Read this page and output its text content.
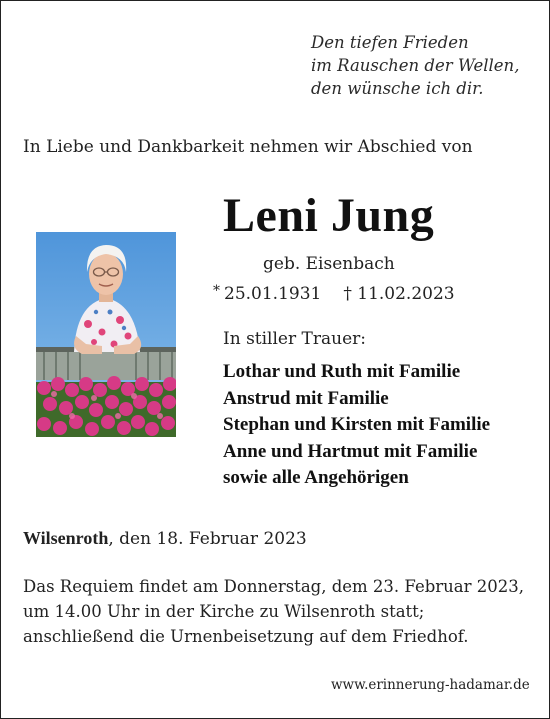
Den tiefen Frieden
im Rauschen der Wellen,
den wünsche ich dir.
In Liebe und Dankbarkeit nehmen wir Abschied von
Leni Jung
geb. Eisenbach
* 25.01.1931 † 11.02.2023
In stiller Trauer:
Lothar und Ruth mit Familie
Anstrud mit Familie
Stephan und Kirsten mit Familie
Anne und Hartmut mit Familie
sowie alle Angehörigen
Wilsenroth, den 18. Februar 2023
Das Requiem findet am Donnerstag, dem 23. Februar 2023,
um 14.00 Uhr in der Kirche zu Wilsenroth statt;
anschließend die Urnenbeisetzung auf dem Friedhof.
www.erinnerung-hadamar.de
